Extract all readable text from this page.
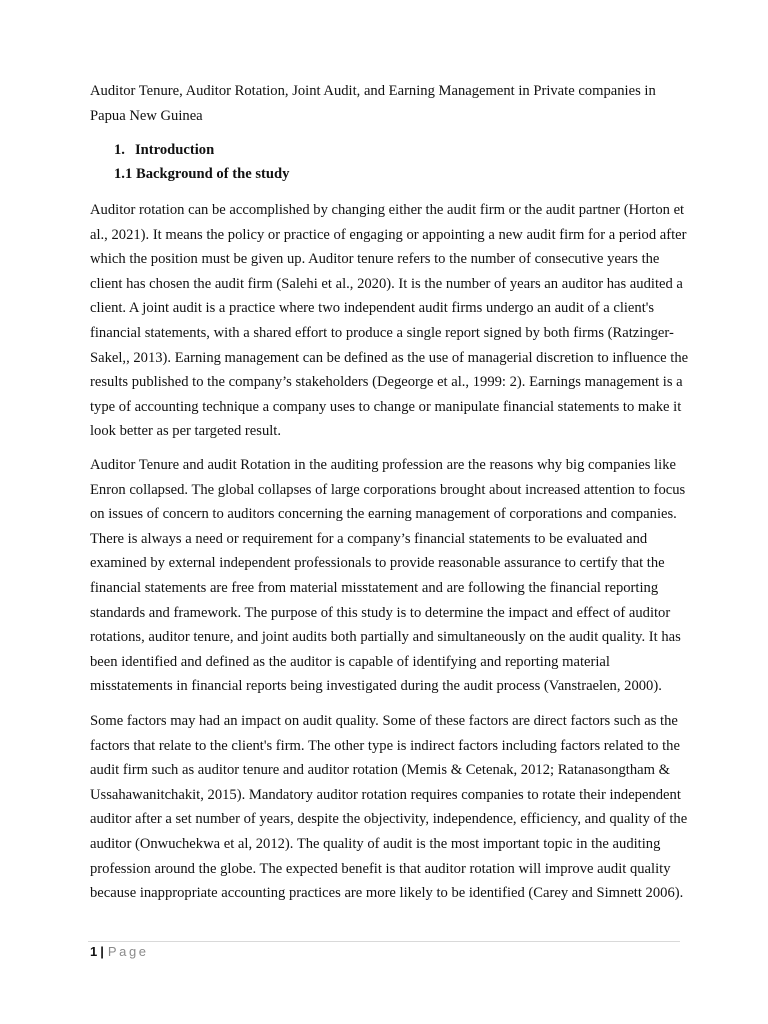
Auditor Tenure, Auditor Rotation, Joint Audit, and Earning Management in Private companies in Papua New Guinea

1. Introduction
1.1 Background of the study

Auditor rotation can be accomplished by changing either the audit firm or the audit partner (Horton et al., 2021). It means the policy or practice of engaging or appointing a new audit firm for a period after which the position must be given up. Auditor tenure refers to the number of consecutive years the client has chosen the audit firm (Salehi et al., 2020). It is the number of years an auditor has audited a client. A joint audit is a practice where two independent audit firms undergo an audit of a client's financial statements, with a shared effort to produce a single report signed by both firms (Ratzinger-Sakel,, 2013). Earning management can be defined as the use of managerial discretion to influence the results published to the company’s stakeholders (Degeorge et al., 1999: 2). Earnings management is a type of accounting technique a company uses to change or manipulate financial statements to make it look better as per targeted result.

Auditor Tenure and audit Rotation in the auditing profession are the reasons why big companies like Enron collapsed. The global collapses of large corporations brought about increased attention to focus on issues of concern to auditors concerning the earning management of corporations and companies. There is always a need or requirement for a company’s financial statements to be evaluated and examined by external independent professionals to provide reasonable assurance to certify that the financial statements are free from material misstatement and are following the financial reporting standards and framework. The purpose of this study is to determine the impact and effect of auditor rotations, auditor tenure, and joint audits both partially and simultaneously on the audit quality. It has been identified and defined as the auditor is capable of identifying and reporting material misstatements in financial reports being investigated during the audit process (Vanstraelen, 2000).

Some factors may had an impact on audit quality. Some of these factors are direct factors such as the factors that relate to the client's firm. The other type is indirect factors including factors related to the audit firm such as auditor tenure and auditor rotation (Memis & Cetenak, 2012; Ratanasongtham & Ussahawanitchakit, 2015). Mandatory auditor rotation requires companies to rotate their independent auditor after a set number of years, despite the objectivity, independence, efficiency, and quality of the auditor (Onwuchekwa et al, 2012). The quality of audit is the most important topic in the auditing profession around the globe. The expected benefit is that auditor rotation will improve audit quality because inappropriate accounting practices are more likely to be identified (Carey and Simnett 2006).

1 | Page
